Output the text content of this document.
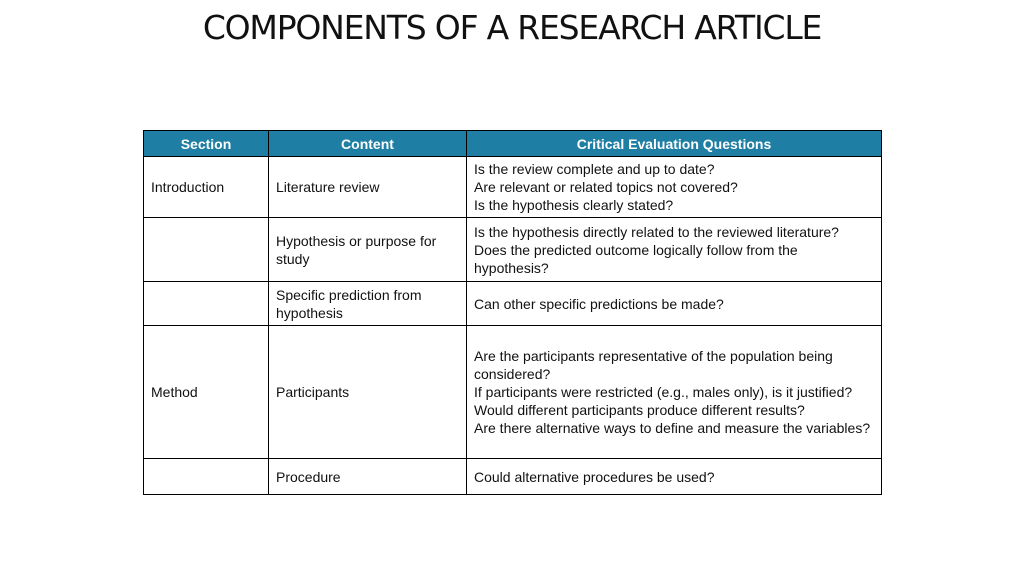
COMPONENTS OF A RESEARCH ARTICLE
Section	Content	Critical Evaluation Questions
Introduction	Literature review	Is the review complete and up to date?
Are relevant or related topics not covered?
Is the hypothesis clearly stated?

	Hypothesis or purpose for study	Is the hypothesis directly related to the reviewed literature?
Does the predicted outcome logically follow from the hypothesis?

	Specific prediction from hypothesis	Can other specific predictions be made?

Method	Participants	Are the participants representative of the population being considered?
If participants were restricted (e.g., males only), is it justified? Would different participants produce different results?
Are there alternative ways to define and measure the variables?

	Procedure	Could alternative procedures be used?
